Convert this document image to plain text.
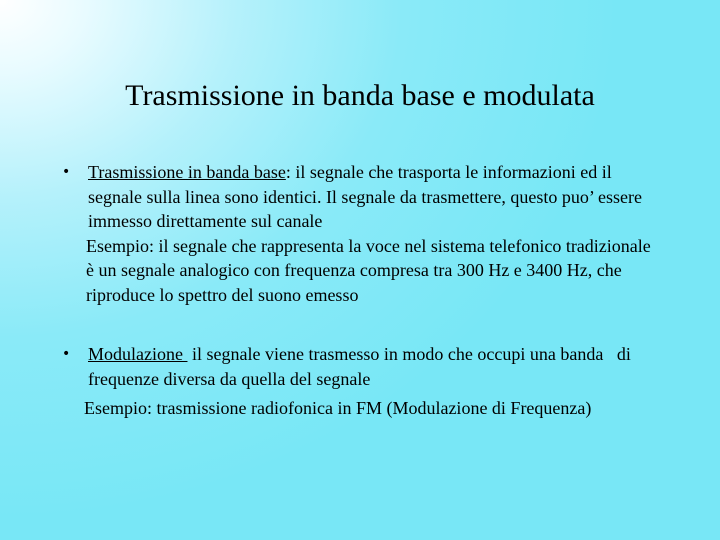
Trasmissione in banda base e modulata
• Trasmissione in banda base: il segnale che trasporta le informazioni ed il segnale sulla linea sono identici. Il segnale da trasmettere, questo puo’ essere immesso direttamente sul canale
Esempio: il segnale che rappresenta la voce nel sistema telefonico tradizionale è un segnale analogico con frequenza compresa tra 300 Hz e 3400 Hz, che riproduce lo spettro del suono emesso
• Modulazione  il segnale viene trasmesso in modo che occupi una banda   di frequenze diversa da quella del segnale
Esempio: trasmissione radiofonica in FM (Modulazione di Frequenza)
